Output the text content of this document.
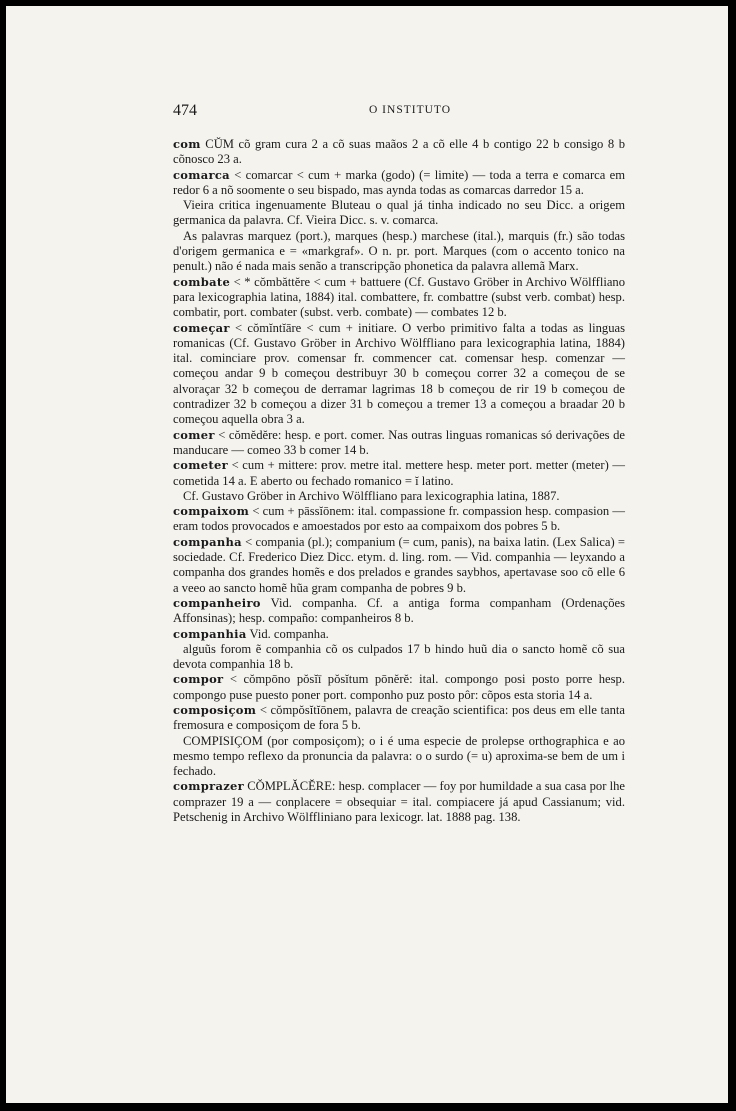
474	O INSTITUTO

com CŬM cõ gram cura 2 a cõ suas maãos 2 a cõ elle 4 b contigo 22 b consigo 8 b cõnosco 23 a.

comarca < comarcar < cum + marka (godo) (= limite) — toda a terra e comarca em redor 6 a nõ soomente o seu bispado, mas aynda todas as comarcas darredor 15 a.

Vieira critica ingenuamente Bluteau o qual já tinha indicado no seu Dicc. a origem germanica da palavra. Cf. Vieira Dicc. s. v. comarca.

As palavras marquez (port.), marques (hesp.) marchese (ital.), marquis (fr.) são todas d'origem germanica e = «markgraf». O n. pr. port. Marques (com o accento tonico na penult.) não é nada mais senão a transcripção phonetica da palavra allemã Marx.

combate < * cŏmbăttĕre < cum + battuere (Cf. Gustavo Gröber in Archivo Wölffliano para lexicographia latina, 1884) ital. combattere, fr. combattre (subst verb. combat) hesp. combatir, port. combater (subst. verb. combate) — combates 12 b.

começar < cŏmĭntĭāre < cum + initiare. O verbo primitivo falta a todas as linguas romanicas (Cf. Gustavo Gröber in Archivo Wölffliano para lexicographia latina, 1884) ital. cominciare prov. comensar fr. commencer cat. comensar hesp. comenzar — começou andar 9 b começou destribuyr 30 b começou correr 32 a começou de se alvoraçar 32 b começou de derramar lagrimas 18 b começou de rir 19 b começou de contradizer 32 b começou a dizer 31 b começou a tremer 13 a começou a braadar 20 b começou aquella obra 3 a.

comer < cŏmĕdĕre: hesp. e port. comer. Nas outras linguas romanicas só derivações de manducare — comeo 33 b comer 14 b.

cometer < cum + mittere: prov. metre ital. mettere hesp. meter port. metter (meter) — cometida 14 a. E aberto ou fechado romanico = ĭ latino.

Cf. Gustavo Gröber in Archivo Wölffliano para lexicographia latina, 1887.

compaixom < cum + pāssĭōnem: ital. compassione fr. compassion hesp. compasion — eram todos provocados e amoestados por esto aa compaixom dos pobres 5 b.

companha < compania (pl.); companium (= cum, panis), na baixa latin. (Lex Salica) = sociedade. Cf. Frederico Diez Dicc. etym. d. ling. rom. — Vid. companhia — leyxando a companha dos grandes homẽs e dos prelados e grandes saybhos, apertavase soo cõ elle 6 a veeo ao sancto homẽ hũa gram companha de pobres 9 b.

companheiro Vid. companha. Cf. a antiga forma companham (Ordenações Affonsinas); hesp. compaño: companheiros 8 b.

companhia Vid. companha.

alguũs forom ẽ companhia cõ os culpados 17 b hindo huũ dia o sancto homẽ cõ sua devota companhia 18 b.

compor < cŏmpōno pŏsĭī pŏsĭtum pōnĕrĕ: ital. compongo posi posto porre hesp. compongo puse puesto poner port. componho puz posto pôr: cõpos esta storia 14 a.

composiçom < cŏmpŏsĭtĭōnem, palavra de creação scientifica: pos deus em elle tanta fremosura e composiçom de fora 5 b.

COMPISIÇOM (por composiçom); o i é uma especie de prolepse orthographica e ao mesmo tempo reflexo da pronuncia da palavra: o o surdo (= u) aproxima-se bem de um i fechado.

comprazer CŎMPLĂCĔRE: hesp. complacer — foy por humildade a sua casa por lhe comprazer 19 a — conplacere = obsequiar = ital. compiacere já apud Cassianum; vid. Petschenig in Archivo Wölffliniano para lexicogr. lat. 1888 pag. 138.
